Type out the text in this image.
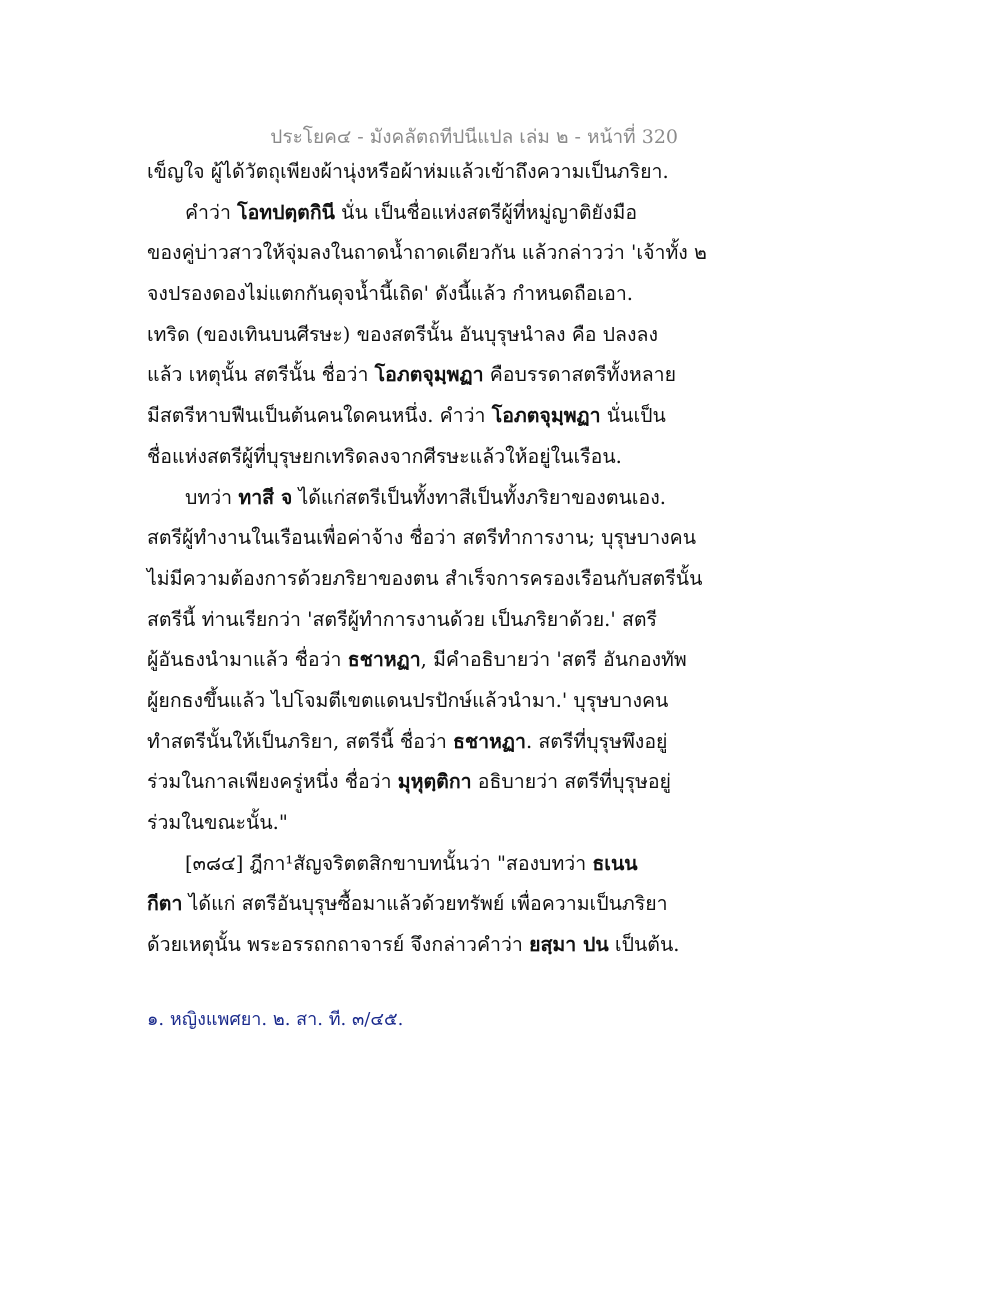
ประโยค๔ - มังคลัตถทีปนีแปล เล่ม ๒ - หน้าที่ 320
เข็ญใจ ผู้ได้วัตถุเพียงผ้านุ่งหรือผ้าห่มแล้วเข้าถึงความเป็นภริยา.
คำว่า โอทปตฺตกินี นั่น เป็นชื่อแห่งสตรีผู้ที่หมู่ญาติยังมือ
ของคู่บ่าวสาวให้จุ่มลงในถาดน้ำถาดเดียวกัน แล้วกล่าวว่า 'เจ้าทั้ง ๒
จงปรองดองไม่แตกกันดุจน้ำนี้เถิด' ดังนี้แล้ว กำหนดถือเอา.
เทริด (ของเทินบนศีรษะ) ของสตรีนั้น อันบุรุษนำลง คือ ปลงลง
แล้ว เหตุนั้น สตรีนั้น ชื่อว่า โอภตจุมฺพฏา คือบรรดาสตรีทั้งหลาย
มีสตรีหาบฟืนเป็นต้นคนใดคนหนึ่ง. คำว่า โอภตจุมฺพฏา นั่นเป็น
ชื่อแห่งสตรีผู้ที่บุรุษยกเทริดลงจากศีรษะแล้วให้อยู่ในเรือน.
บทว่า ทาสี จ ได้แก่สตรีเป็นทั้งทาสีเป็นทั้งภริยาของตนเอง.
สตรีผู้ทำงานในเรือนเพื่อค่าจ้าง ชื่อว่า สตรีทำการงาน; บุรุษบางคน
ไม่มีความต้องการด้วยภริยาของตน สำเร็จการครองเรือนกับสตรีนั้น
สตรีนี้ ท่านเรียกว่า 'สตรีผู้ทำการงานด้วย เป็นภริยาด้วย.' สตรี
ผู้อันธงนำมาแล้ว ชื่อว่า ธชาหฏา, มีคำอธิบายว่า 'สตรี อันกองทัพ
ผู้ยกธงขึ้นแล้ว ไปโจมตีเขตแดนปรปักษ์แล้วนำมา.' บุรุษบางคน
ทำสตรีนั้นให้เป็นภริยา, สตรีนี้ ชื่อว่า ธชาหฏา. สตรีที่บุรุษพึงอยู่
ร่วมในกาลเพียงครู่หนึ่ง ชื่อว่า มุหุตฺติกา อธิบายว่า สตรีที่บุรุษอยู่
ร่วมในขณะนั้น."
[๓๘๔] ฎีกา¹สัญจริตตสิกขาบทนั้นว่า "สองบทว่า ธเนน
กีตา ได้แก่ สตรีอันบุรุษซื้อมาแล้วด้วยทรัพย์ เพื่อความเป็นภริยา
ด้วยเหตุนั้น พระอรรถกถาจารย์ จึงกล่าวคำว่า ยสฺมา ปน เป็นต้น.
๑. หญิงแพศยา. ๒. สา. ที. ๓/๔๕.
